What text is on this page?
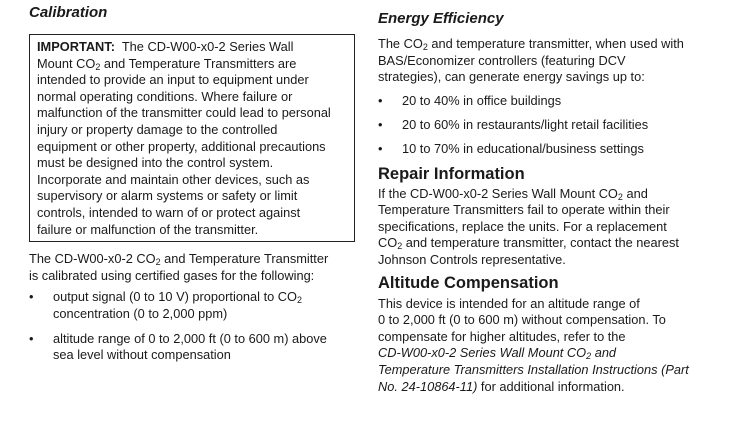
Calibration

IMPORTANT: The CD-W00-x0-2 Series Wall
Mount $CO_2$ and Temperature Transmitters are
intended to provide an input to equipment under
normal operating conditions. Where failure or
malfunction of the transmitter could lead to personal
injury or property damage to the controlled
equipment or other property, additional precautions
must be designed into the control system.
Incorporate and maintain other devices, such as
supervisory or alarm systems or safety or limit
controls, intended to warn of or protect against
failure or malfunction of the transmitter.

The CD-W00-x0-2 $CO_2$ and Temperature Transmitter
is calibrated using certified gases for the following:

•	output signal (0 to 10 V) proportional to $CO_2$
concentration (0 to 2,000 ppm)
•	altitude range of 0 to 2,000 ft (0 to 600 m) above
sea level without compensation
Energy Efficiency

The $CO_2$ and temperature transmitter, when used with
BAS/Economizer controllers (featuring DCV
strategies), can generate energy savings up to:

•	20 to 40% in office buildings
•	20 to 60% in restaurants/light retail facilities
•	10 to 70% in educational/business settings
Repair Information

If the CD-W00-x0-2 Series Wall Mount $CO_2$ and
Temperature Transmitters fail to operate within their
specifications, replace the units. For a replacement
$CO_2$ and temperature transmitter, contact the nearest
Johnson Controls representative.

Altitude Compensation

This device is intended for an altitude range of
0 to 2,000 ft (0 to 600 m) without compensation. To
compensate for higher altitudes, refer to the
CD-W00-x0-2 Series Wall Mount $CO_2$ and
Temperature Transmitters Installation Instructions (Part
No. 24-10864-11) for additional information.
